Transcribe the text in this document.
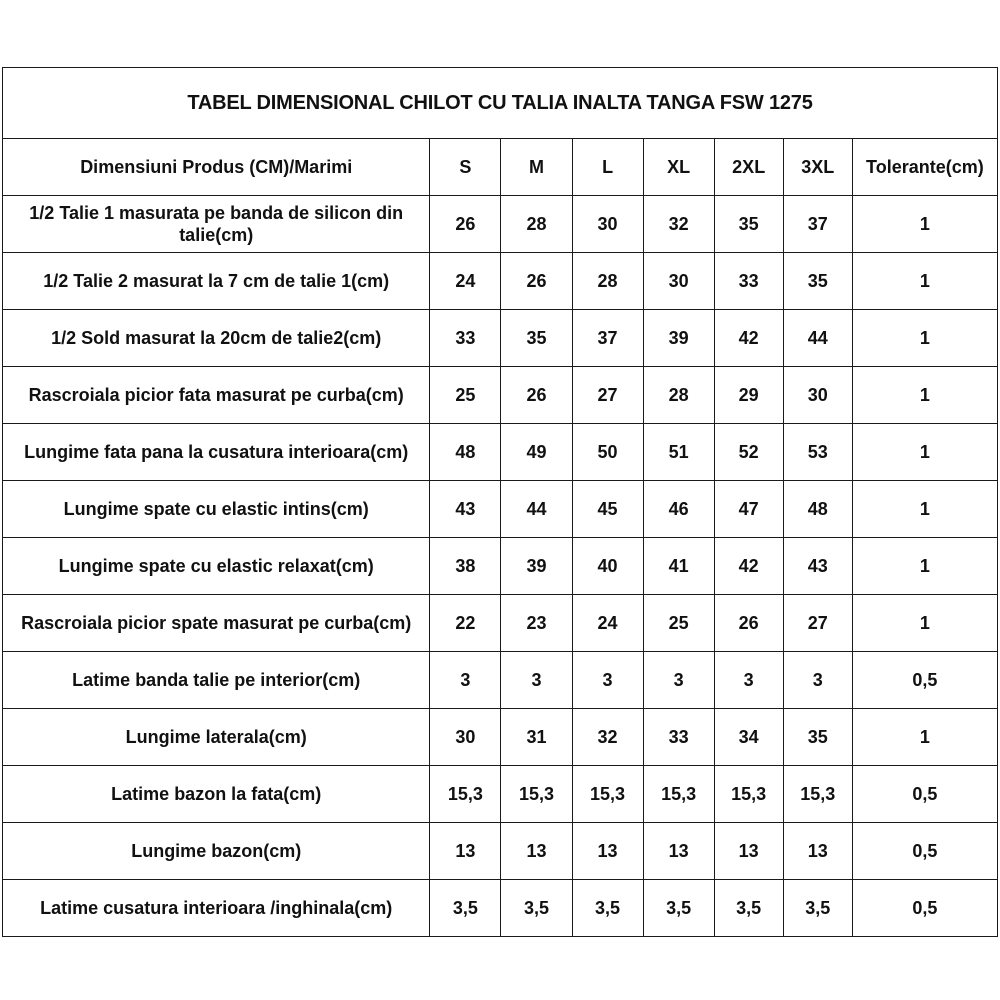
TABEL DIMENSIONAL CHILOT CU TALIA INALTA TANGA FSW 1275							
Dimensiuni Produs (CM)/Marimi	S	M	L	XL	2XL	3XL	Tolerante(cm)
1/2 Talie 1 masurata pe banda de silicon din talie(cm)	26	28	30	32	35	37	1
1/2 Talie 2 masurat la 7 cm de talie 1(cm)	24	26	28	30	33	35	1
1/2 Sold masurat la 20cm de talie2(cm)	33	35	37	39	42	44	1
Rascroiala picior fata masurat pe curba(cm)	25	26	27	28	29	30	1
Lungime fata pana la cusatura interioara(cm)	48	49	50	51	52	53	1
Lungime spate cu elastic intins(cm)	43	44	45	46	47	48	1
Lungime spate cu elastic relaxat(cm)	38	39	40	41	42	43	1
Rascroiala picior spate masurat pe curba(cm)	22	23	24	25	26	27	1
Latime banda talie pe interior(cm)	3	3	3	3	3	3	0,5
Lungime laterala(cm)	30	31	32	33	34	35	1
Latime bazon la fata(cm)	15,3	15,3	15,3	15,3	15,3	15,3	0,5
Lungime bazon(cm)	13	13	13	13	13	13	0,5
Latime cusatura interioara /inghinala(cm)	3,5	3,5	3,5	3,5	3,5	3,5	0,5
